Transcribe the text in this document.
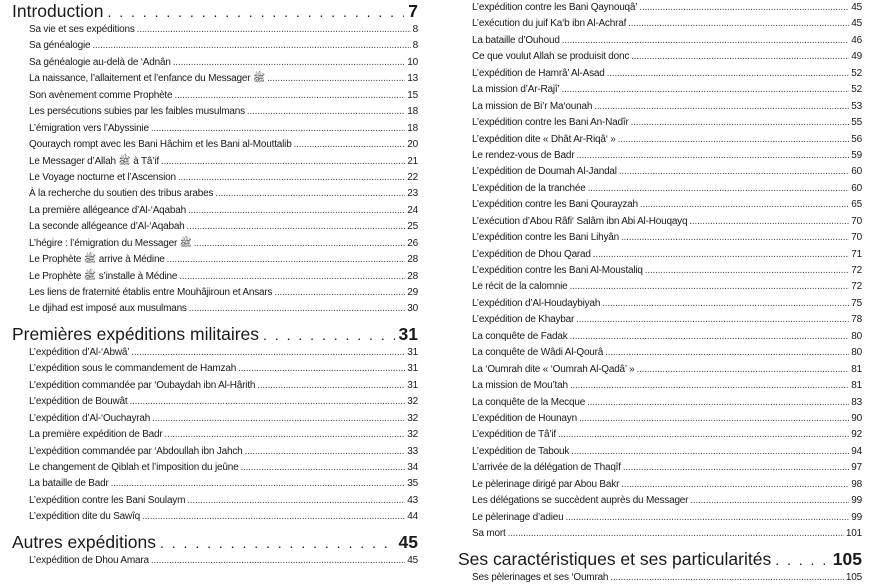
Introduction . . .	7
Sa vie et ses expéditions .....	8
Sa généalogie .....	8
Sa généalogie au-delà de ‘Adnân .....	10
La naissance, l’allaitement et l’enfance du Messager ﷺ .....	13
Son avènement comme Prophète .....	15
Les persécutions subies par les faibles musulmans .....	18
L’émigration vers l’Abyssinie .....	18
Qouraych rompt avec les Bani Hâchim et les Bani al-Mouttalib .....	20
Le Messager d’Allah ﷺ à Tâ’if .....	21
Le Voyage nocturne et l’Ascension .....	22
À la recherche du soutien des tribus arabes .....	23
La première allégeance d’Al-‘Aqabah .....	24
La seconde allégeance d’Al-‘Aqabah .....	25
L’hégire : l’émigration du Messager ﷺ .....	26
Le Prophète ﷺ arrive à Médine .....	28
Le Prophète ﷺ s’installe à Médine .....	28
Les liens de fraternité établis entre Mouhâjiroun et Ansars .....	29
Le djihad est imposé aux musulmans .....	30
Premières expéditions militaires . . .	31
L’expédition d’Al-‘Abwâ’ .....	31
L’expédition sous le commandement de Hamzah .....	31
L’expédition commandée par ‘Oubaydah ibn Al-Hârith .....	31
L’expédition de Bouwât .....	32
L’expédition d’Al-‘Ouchayrah .....	32
La première expédition de Badr .....	32
L’expédition commandée par ‘Abdoullah ibn Jahch .....	33
Le changement de Qiblah et l’imposition du jeûne .....	34
La bataille de Badr .....	35
L’expédition contre les Bani Soulaym .....	43
L’expédition dite du Sawîq .....	44
Autres expéditions . . .	45
L’expédition de Dhou Amara .....	45
L’expédition contre les Bani Qaynouqâ’ .....	45
L’exécution du juif Ka‘b ibn Al-Achraf .....	45
La bataille d’Ouhoud .....	46
Ce que voulut Allah se produisit donc .....	49
L’expédition de Hamrâ’ Al-Asad .....	52
La mission d’Ar-Rajî’ .....	52
La mission de Bi’r Ma‘ounah .....	53
L’expédition contre les Bani An-Nadîr .....	55
L’expédition dite « Dhât Ar-Riqâ‘ » .....	56
Le rendez-vous de Badr .....	59
L’expédition de Doumah Al-Jandal .....	60
L’expédition de la tranchée .....	60
L’expédition contre les Bani Qourayzah .....	65
L’exécution d’Abou Râfi‘ Salâm ibn Abi Al-Houqayq .....	70
L’expédition contre les Bani Lihyân .....	70
L’expédition de Dhou Qarad .....	71
L’expédition contre les Bani Al-Moustaliq .....	72
Le récit de la calomnie .....	72
L’expédition d’Al-Houdaybiyah .....	75
L’expédition de Khaybar .....	78
La conquête de Fadak .....	80
La conquête de Wâdi Al-Qourâ .....	80
La ‘Oumrah dite « ‘Oumrah Al-Qadâ’ » .....	81
La mission de Mou’tah .....	81
La conquête de la Mecque .....	83
L’expédition de Hounayn .....	90
L’expédition de Tâ’if .....	92
L’expédition de Tabouk .....	94
L’arrivée de la délégation de Thaqîf .....	97
Le pèlerinage dirigé par Abou Bakr .....	98
Les délégations se succèdent auprès du Messager .....	99
Le pèlerinage d’adieu .....	99
Sa mort .....	101
Ses caractéristiques et ses particularités . . .	105
Ses pèlerinages et ses ‘Oumrah .....	105
